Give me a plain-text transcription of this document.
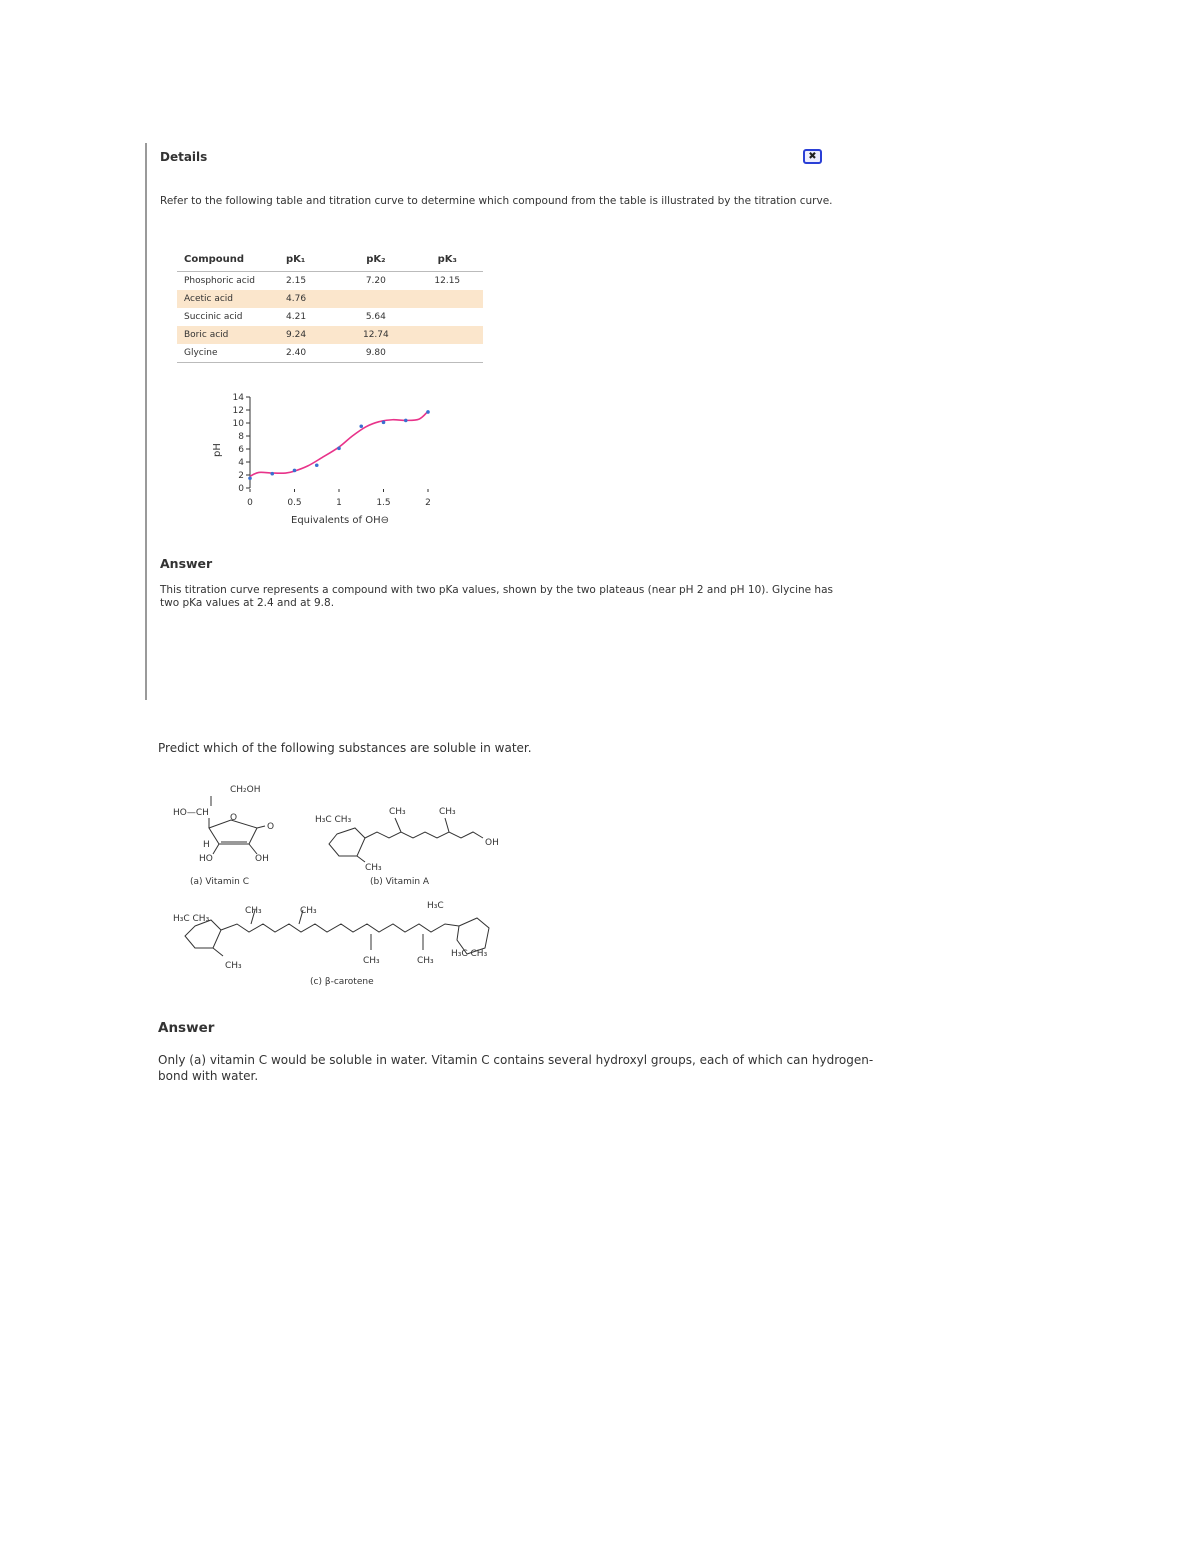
Details	✖
Refer to the following table and titration curve to determine which compound from the table is illustrated by the titration curve.
Compound	pK₁	pK₂	pK₃
Phosphoric acid	2.15	7.20	12.15
Acetic acid	4.76		
Succinic acid	4.21	5.64	
Boric acid	9.24	12.74	
Glycine	2.40	9.80	
0
2
4
6
8
10
12
14
0	0.5	1	1.5	2
pH
Equivalents of OH⊖
Answer
This titration curve represents a compound with two pKa values, shown by the two plateaus (near pH 2 and pH 10). Glycine has two pKa values at 2.4 and at 9.8.
Predict which of the following substances are soluble in water.
CH₂OH
HO—CH O
O
H
HO	OH
(a) Vitamin C
H₃C CH₃
CH₃	CH₃
OH
CH₃
(b) Vitamin A
H₃C CH₃
CH₃	CH₃	H₃C
CH₃	CH₃	CH₃
H₃C CH₃
(c) β-carotene
Answer
Only (a) vitamin C would be soluble in water. Vitamin C contains several hydroxyl groups, each of which can hydrogen-bond with water.
